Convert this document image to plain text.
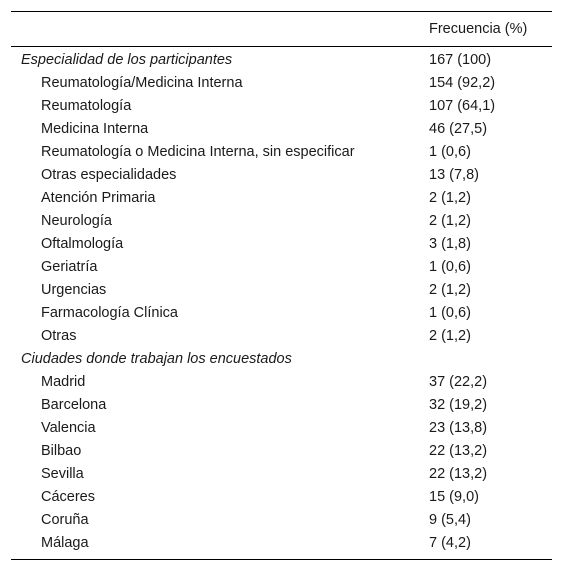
	Frecuencia (%)
Especialidad de los participantes	167 (100)
Reumatología/Medicina Interna	154 (92,2)
Reumatología	107 (64,1)
Medicina Interna	46 (27,5)
Reumatología o Medicina Interna, sin especificar	1 (0,6)
Otras especialidades	13 (7,8)
Atención Primaria	2 (1,2)
Neurología	2 (1,2)
Oftalmología	3 (1,8)
Geriatría	1 (0,6)
Urgencias	2 (1,2)
Farmacología Clínica	1 (0,6)
Otras	2 (1,2)
Ciudades donde trabajan los encuestados	
Madrid	37 (22,2)
Barcelona	32 (19,2)
Valencia	23 (13,8)
Bilbao	22 (13,2)
Sevilla	22 (13,2)
Cáceres	15 (9,0)
Coruña	9 (5,4)
Málaga	7 (4,2)
